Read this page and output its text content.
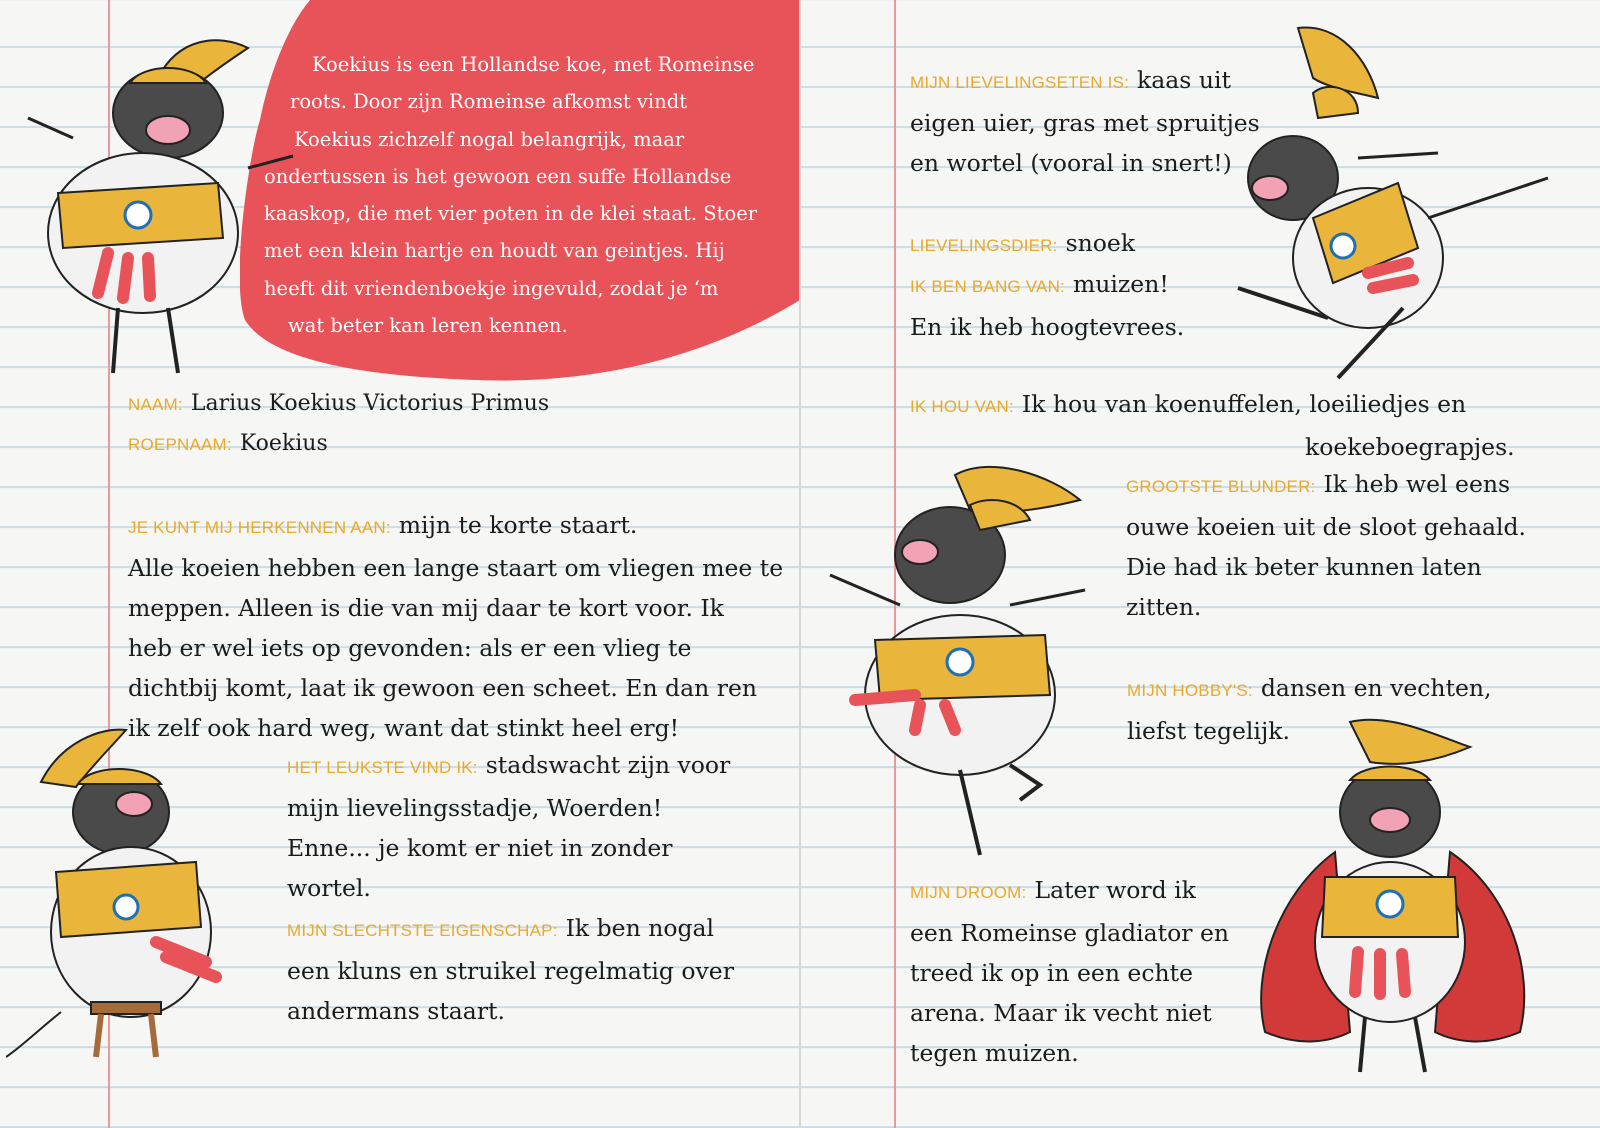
Koekius is een Hollandse koe, met Romeinse
roots. Door zijn Romeinse afkomst vindt
Koekius zichzelf nogal belangrijk, maar
ondertussen is het gewoon een suffe Hollandse
kaaskop, die met vier poten in de klei staat. Stoer
met een klein hartje en houdt van geintjes. Hij
heeft dit vriendenboekje ingevuld, zodat je ‘m
wat beter kan leren kennen.

NAAM: Larius Koekius Victorius Primus

ROEPNAAM: Koekius

JE KUNT MIJ HERKENNEN AAN: mijn te korte staart.
Alle koeien hebben een lange staart om vliegen mee te
meppen. Alleen is die van mij daar te kort voor. Ik
heb er wel iets op gevonden: als er een vlieg te
dichtbij komt, laat ik gewoon een scheet. En dan ren
ik zelf ook hard weg, want dat stinkt heel erg!

HET LEUKSTE VIND IK: stadswacht zijn voor
mijn lievelingsstadje, Woerden!
Enne... je komt er niet in zonder
wortel.

MIJN SLECHTSTE EIGENSCHAP: Ik ben nogal
een kluns en struikel regelmatig over
andermans staart.

MIJN LIEVELINGSETEN IS: kaas uit
eigen uier, gras met spruitjes
en wortel (vooral in snert!)

LIEVELINGSDIER: snoek

IK BEN BANG VAN: muizen!
En ik heb hoogtevrees.

IK HOU VAN: Ik hou van koenuffelen, loeiliedjes en
koekeboegrapjes.

GROOTSTE BLUNDER: Ik heb wel eens
ouwe koeien uit de sloot gehaald.
Die had ik beter kunnen laten
zitten.

MIJN HOBBY'S: dansen en vechten,
liefst tegelijk.

MIJN DROOM: Later word ik
een Romeinse gladiator en
treed ik op in een echte
arena. Maar ik vecht niet
tegen muizen.
